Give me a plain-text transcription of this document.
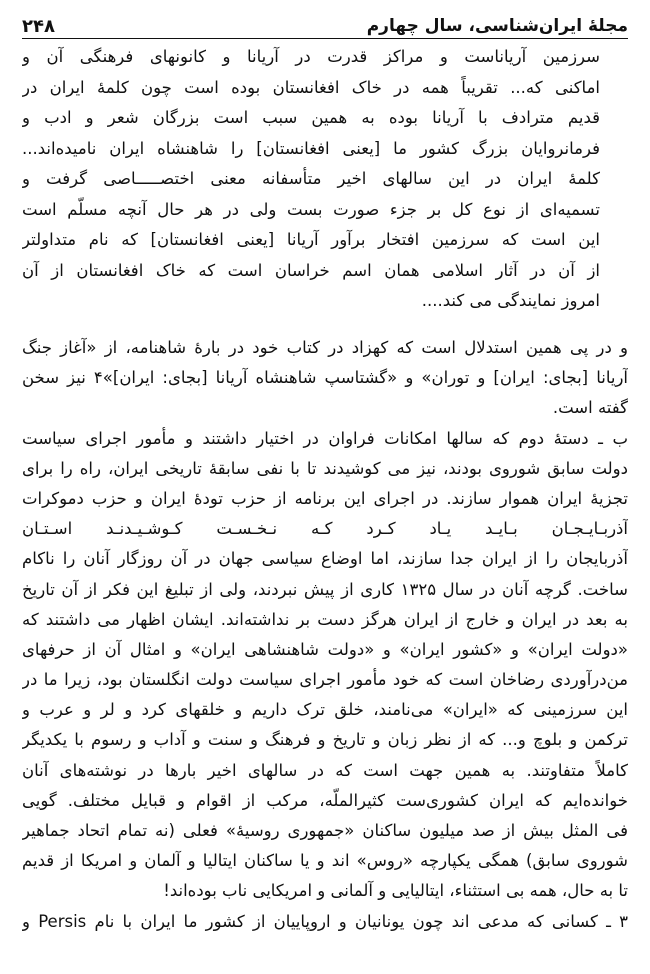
۲۴۸	مجلهٔ ایران‌شناسی، سال چهارم
سرزمین آریاناست و مراکز قدرت در آریانا و کانونهای فرهنگی آن و
اماکنی که... تقریباً همه در خاک افغانستان بوده است چون کلمهٔ ایران در
قدیم مترادف با آریانا بوده به همین سبب است بزرگان شعر و ادب و
فرمانروایان بزرگ کشور ما [یعنی افغانستان] را شاهنشاه ایران نامیده‌اند...
کلمهٔ ایران در این سالهای اخیر متأسفانه معنی اختصـــــاصی گرفت و
تسمیه‌ای از نوع کل بر جزء صورت بست ولی در هر حال آنچه مسلّم است
این است که سرزمین افتخار برآور آریانا [یعنی افغانستان] که نام متداولتر
از آن در آثار اسلامی همان اسم خراسان است که خاک افغانستان از آن
امروز نمایندگی می کند....
و در پی همین استدلال است که کهزاد در کتاب خود در بارهٔ شاهنامه، از «آغاز جنگ
آریانا [بجای: ایران] و توران» و «گشتاسپ شاهنشاه آریانا [بجای: ایران]»۴ نیز سخن
گفته است.
ب ـ دستهٔ دوم که سالها امکانات فراوان در اختیار داشتند و مأمور اجرای سیاست
دولت سابق شوروی بودند، نیز می کوشیدند تا با نفی سابقهٔ تاریخی ایران، راه را برای
تجزیهٔ ایران هموار سازند. در اجرای این برنامه از حزب تودهٔ ایران و حزب دموکرات
آذربـایـجـان بـایـد یـاد کـرد کـه نـخـسـت کـوشـیـدنـد اسـتـان
آذربایجان را از ایران جدا سازند، اما اوضاع سیاسی جهان در آن روزگار آنان را ناکام
ساخت. گرچه آنان در سال ۱۳۲۵ کاری از پیش نبردند، ولی از تبلیغ این فکر از آن تاریخ
به بعد در ایران و خارج از ایران هرگز دست بر نداشته‌اند. ایشان اظهار می داشتند که
«دولت ایران» و «کشور ایران» و «دولت شاهنشاهی ایران» و امثال آن از حرفهای
من‌درآوردی رضاخان است که خود مأمور اجرای سیاست دولت انگلستان بود، زیرا ما در
این سرزمینی که «ایران» می‌نامند، خلق ترک داریم و خلقهای کرد و لر و عرب و
ترکمن و بلوچ و... که از نظر زبان و تاریخ و فرهنگ و سنت و آداب و رسوم با یکدیگر
کاملاً متفاوتند. به همین جهت است که در سالهای اخیر بارها در نوشته‌های آنان
خوانده‌ایم که ایران کشوری‌ست کثیرالملّه، مرکب از اقوام و قبایل مختلف. گویی
فی المثل بیش از صد میلیون ساکنان «جمهوری روسیهٔ» فعلی (نه تمام اتحاد جماهیر
شوروی سابق) همگی یکپارچه «روس» اند و یا ساکنان ایتالیا و آلمان و امریکا از قدیم
تا به حال، همه بی استثناء، ایتالیایی و آلمانی و امریکایی ناب بوده‌اند!
۳ ـ کسانی که مدعی اند چون یونانیان و اروپاییان از کشور ما ایران با نام Persis و
